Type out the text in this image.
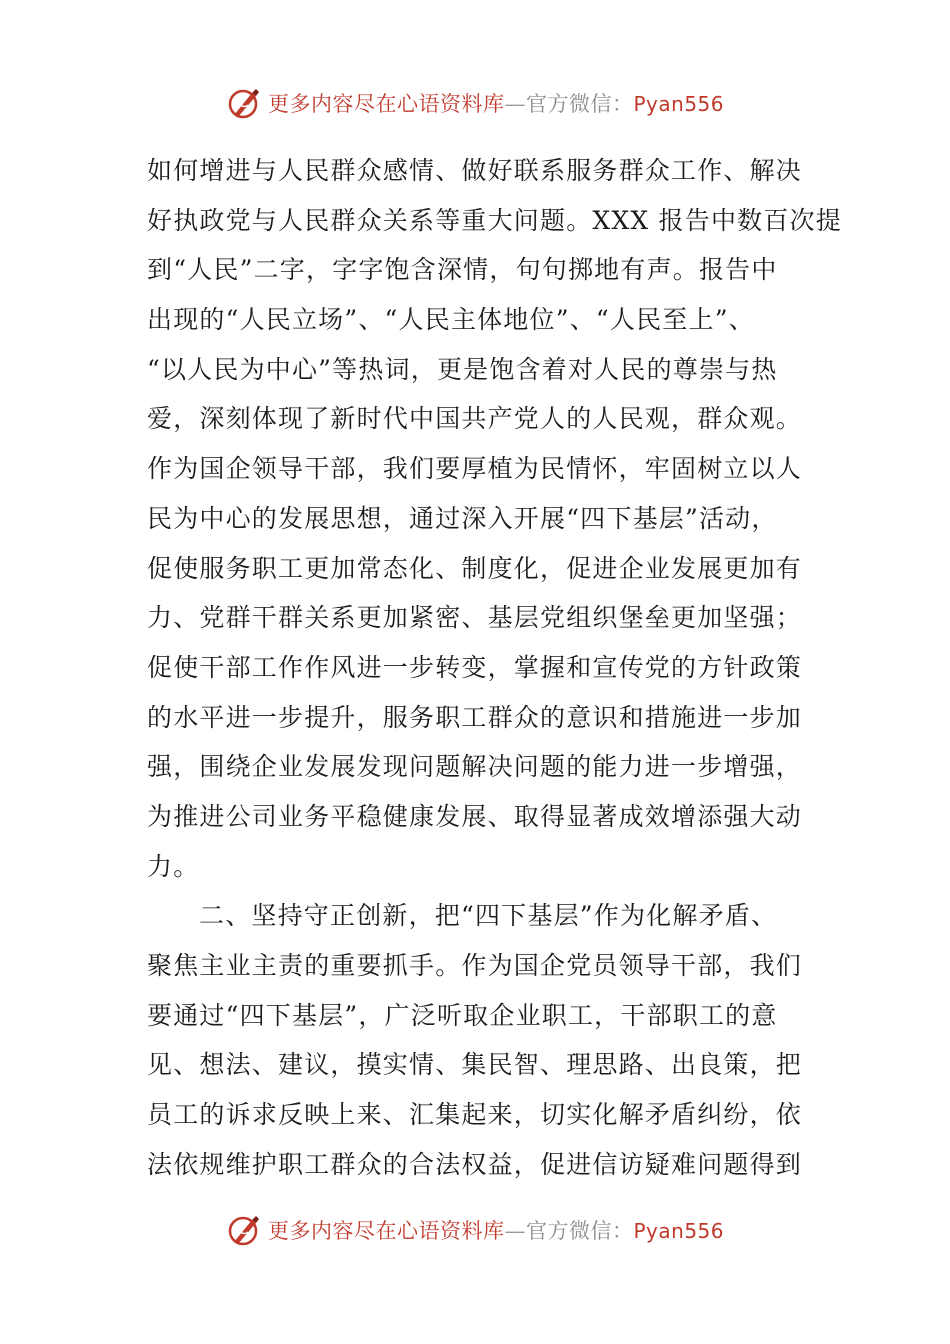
更多内容尽在心语资料库—官方微信：Pyan556
如何增进与人民群众感情、做好联系服务群众工作、解决
好执政党与人民群众关系等重大问题。XXX 报告中数百次提
到“人民”二字，字字饱含深情，句句掷地有声。报告中
出现的“人民立场”、“人民主体地位”、“人民至上”、
“以人民为中心”等热词，更是饱含着对人民的尊崇与热
爱，深刻体现了新时代中国共产党人的人民观，群众观。
作为国企领导干部，我们要厚植为民情怀，牢固树立以人
民为中心的发展思想，通过深入开展“四下基层”活动，
促使服务职工更加常态化、制度化，促进企业发展更加有
力、党群干群关系更加紧密、基层党组织堡垒更加坚强；
促使干部工作作风进一步转变，掌握和宣传党的方针政策
的水平进一步提升，服务职工群众的意识和措施进一步加
强，围绕企业发展发现问题解决问题的能力进一步增强，
为推进公司业务平稳健康发展、取得显著成效增添强大动
力。
二、坚持守正创新，把“四下基层”作为化解矛盾、
聚焦主业主责的重要抓手。作为国企党员领导干部，我们
要通过“四下基层”，广泛听取企业职工，干部职工的意
见、想法、建议，摸实情、集民智、理思路、出良策，把
员工的诉求反映上来、汇集起来，切实化解矛盾纠纷，依
法依规维护职工群众的合法权益，促进信访疑难问题得到
更多内容尽在心语资料库—官方微信：Pyan556
